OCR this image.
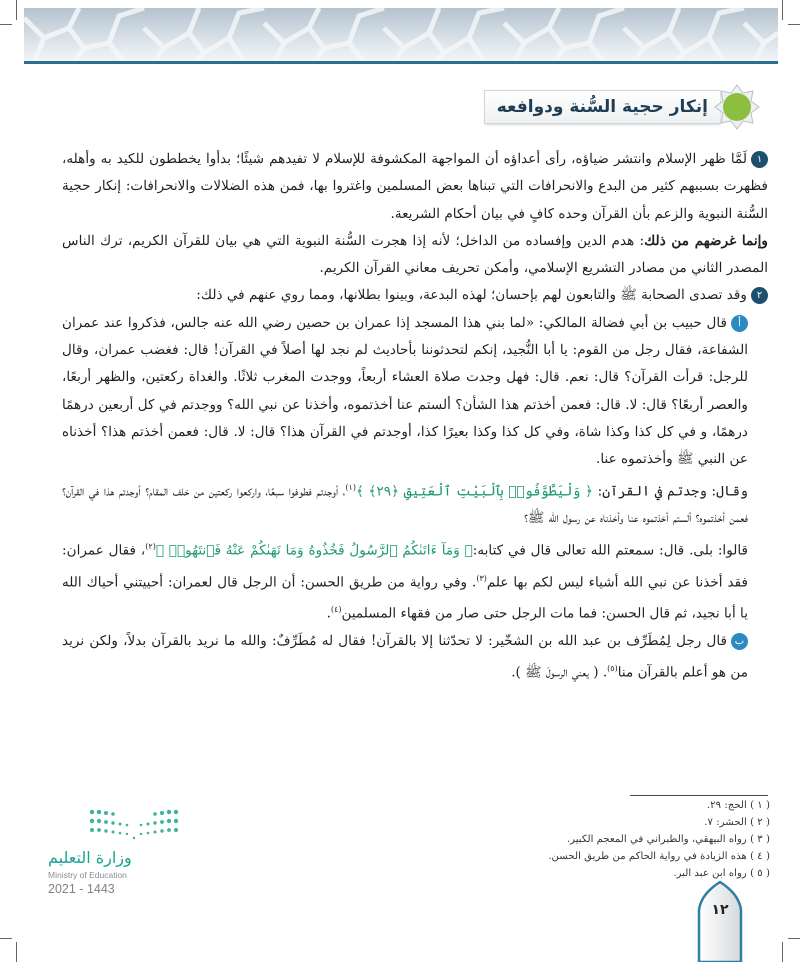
إنكار حجية السُّنة ودوافعه

١لَمَّا ظهر الإسلام وانتشر ضياؤه، رأى أعداؤه أن المواجهة المكشوفة للإسلام لا تفيدهم شيئًا؛ بدأوا يخططون للكيد به وأهله، فظهرت بسببهم كثير من البدع والانحرافات التي تبناها بعض المسلمين واغتروا بها، فمن هذه الضلالات والانحرافات: إنكار حجية السُّنة النبوية والزعم بأن القرآن وحده كافٍ في بيان أحكام الشريعة.

وإنما غرضهم من ذلك: هدم الدين وإفساده من الداخل؛ لأنه إذا هجرت السُّنة النبوية التي هي بيان للقرآن الكريم، ترك الناس المصدر الثاني من مصادر التشريع الإسلامي، وأمكن تحريف معاني القرآن الكريم.

٢وقد تصدى الصحابة ﷺ والتابعون لهم بإحسان؛ لهذه البدعة، وبينوا بطلانها، ومما روي عنهم في ذلك:

أقال حبيب بن أبي فضالة المالكي: «لما بني هذا المسجد إذا عمران بن حصين رضي الله عنه جالس، فذكروا عند عمران الشفاعة، فقال رجل من القوم: يا أبا النُّجيد، إنكم لتحدثوننا بأحاديث لم نجد لها أصلاً في القرآن! قال: فغضب عمران، وقال للرجل: قرأت القرآن؟ قال: نعم. قال: فهل وجدت صلاة العشاء أربعاً، ووجدت المغرب ثلاثًا. والغداة ركعتين، والظهر أربعًا، والعصر أربعًا؟ قال: لا. قال: فعمن أخذتم هذا الشأن؟ ألستم عنا أخذتموه، وأخذنا عن نبي الله؟ ووجدتم في كل أربعين درهمًا درهمًا، و في كل كذا وكذا شاة، وفي كل كذا وكذا بعيرًا كذا، أوجدتم في القرآن هذا؟ قال: لا. قال: فعمن أخذتم هذا؟ أخذناه عن النبي ﷺ وأخذتموه عنا.

وقال: وجدتم في القرآن: ﴿ وَلْيَطَّوَّفُوا۟ بِٱلْبَيْتِ ٱلْعَتِيقِ ﴿٢٩﴾ ﴾$^{(١)}$، أوجدتم فطوفوا سبعًا، واركعوا ركعتين من خلف المقام؟ أوجدتم هذا في القرآن؟ فعمن أخذتموه؟ ألستم أخذتموه عنا وأخذناه عن رسول الله ﷺ؟

قالوا: بلى. قال: سمعتم الله تعالى قال في كتابه:﴿ وَمَآ ءَاتَىٰكُمُ ٱلرَّسُولُ فَخُذُوهُ وَمَا نَهَىٰكُمْ عَنْهُ فَٱنتَهُوا۟ ﴾$^{(٢)}$، فقال عمران: فقد أخذنا عن نبي الله أشياء ليس لكم بها علم$^{(٣)}$. وفي رواية من طريق الحسن: أن الرجل قال لعمران: أحييتني أحياك الله يا أبا نجيد، ثم قال الحسن: فما مات الرجل حتى صار من فقهاء المسلمين$^{(٤)}$.

بقال رجل لِمُطَرِّف بن عبد الله بن الشخّير: لا تحدّثنا إلا بالقرآن! فقال له مُطَرِّفٌ: والله ما نريد بالقرآن بدلاً، ولكن نريد من هو أعلم بالقرآن منا$^{(٥)}$. ( يعني الرسولَ ﷺ ).

( ١ ) الحج: ٢٩.
( ٢ ) الحشر: ٧.
( ٣ ) رواه البيهقي، والطبراني في المعجم الكبير.
( ٤ ) هذه الزيادة في رواية الحاكم من طريق الحسن.
( ٥ ) رواه ابن عبد البر.
وزارة التعليم
Ministry of Education
2021 - 1443
١٢
